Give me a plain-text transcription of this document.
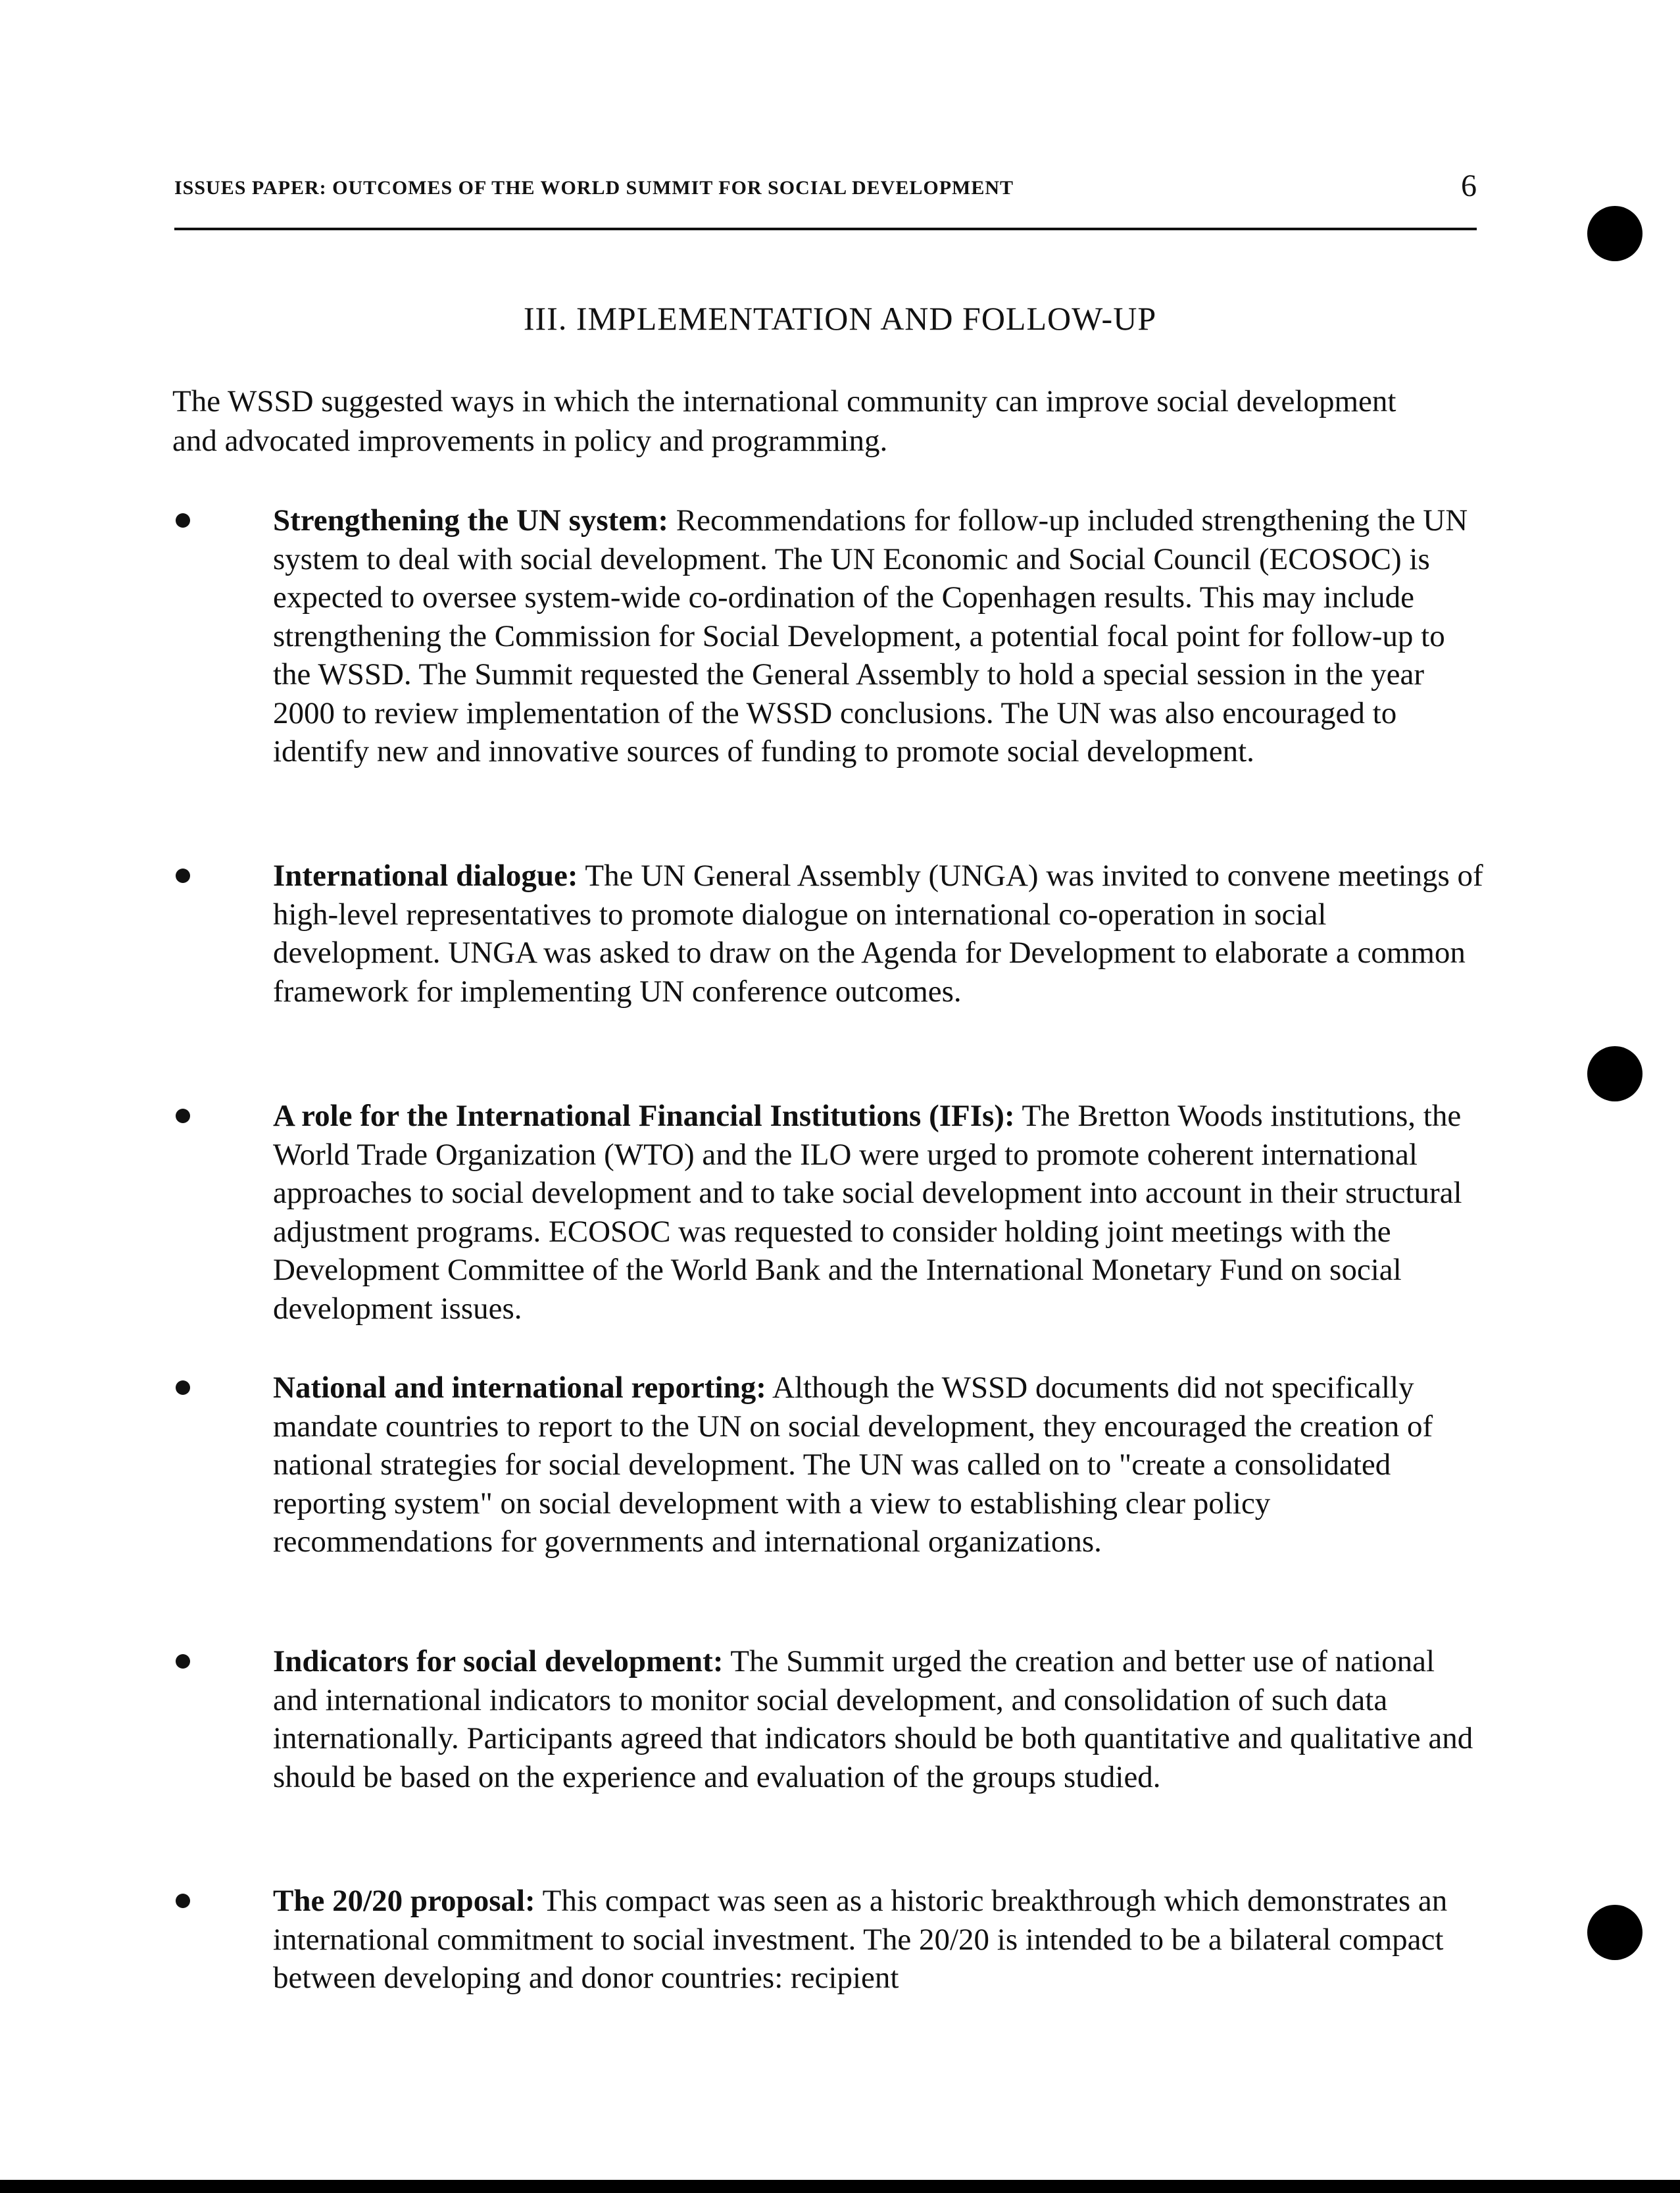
ISSUES PAPER: OUTCOMES OF THE WORLD SUMMIT FOR SOCIAL DEVELOPMENT	6
III. IMPLEMENTATION AND FOLLOW-UP

The WSSD suggested ways in which the international community can improve social development and advocated improvements in policy and programming.

Strengthening the UN system: Recommendations for follow-up included strengthening the UN system to deal with social development. The UN Economic and Social Council (ECOSOC) is expected to oversee system-wide co-ordination of the Copenhagen results. This may include strengthening the Commission for Social Development, a potential focal point for follow-up to the WSSD. The Summit requested the General Assembly to hold a special session in the year 2000 to review implementation of the WSSD conclusions. The UN was also encouraged to identify new and innovative sources of funding to promote social development.

International dialogue: The UN General Assembly (UNGA) was invited to convene meetings of high-level representatives to promote dialogue on international co-operation in social development. UNGA was asked to draw on the Agenda for Development to elaborate a common framework for implementing UN conference outcomes.

A role for the International Financial Institutions (IFIs): The Bretton Woods institutions, the World Trade Organization (WTO) and the ILO were urged to promote coherent international approaches to social development and to take social development into account in their structural adjustment programs. ECOSOC was requested to consider holding joint meetings with the Development Committee of the World Bank and the International Monetary Fund on social development issues.

National and international reporting: Although the WSSD documents did not specifically mandate countries to report to the UN on social development, they encouraged the creation of national strategies for social development. The UN was called on to "create a consolidated reporting system" on social development with a view to establishing clear policy recommendations for governments and international organizations.

Indicators for social development: The Summit urged the creation and better use of national and international indicators to monitor social development, and consolidation of such data internationally. Participants agreed that indicators should be both quantitative and qualitative and should be based on the experience and evaluation of the groups studied.

The 20/20 proposal: This compact was seen as a historic breakthrough which demonstrates an international commitment to social investment. The 20/20 is intended to be a bilateral compact between developing and donor countries: recipient
